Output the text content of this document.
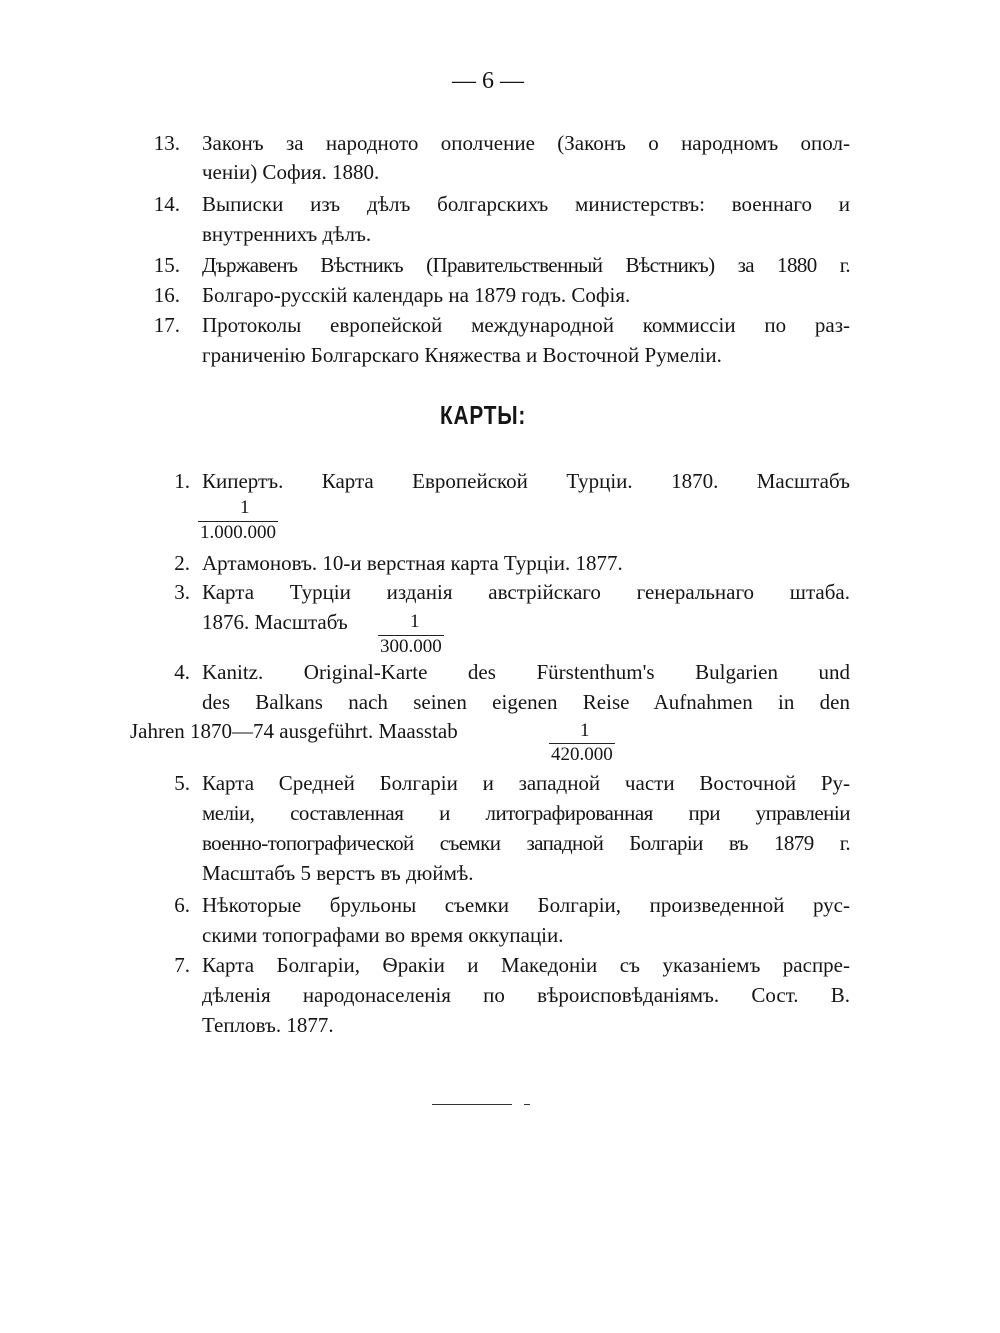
— 6 —
13. Законъ за народното ополчение (Законъ о народномъ опол-
ченіи) София. 1880.
14. Выписки изъ дѣлъ болгарскихъ министерствъ: военнаго и
внутреннихъ дѣлъ.
15. Държавенъ Вѣстникъ (Правительственный Вѣстникъ) за 1880 г.
16. Болгаро-русскій календарь на 1879 годъ. Софія.
17. Протоколы европейской международной коммиссіи по раз-
граниченію Болгарскаго Княжества и Восточной Румеліи.
КАРТЫ:
1. Кипертъ. Карта Европейской Турціи. 1870. Масштабъ
1
1.000.000
2. Артамоновъ. 10-и верстная карта Турціи. 1877.
3. Карта Турціи изданія австрійскаго генеральнаго штаба.
1876. Масштабъ	1
300.000
4. Kanitz. Original-Karte des Fürstenthum's Bulgarien und
des Balkans nach seinen eigenen Reise Aufnahmen in den
Jahren 1870—74 ausgeführt. Maasstab	1
420.000
5. Карта Средней Болгаріи и западной части Восточной Ру-
меліи, составленная и литографированная при управленіи
военно-топографической съемки западной Болгаріи въ 1879 г.
Масштабъ 5 верстъ въ дюймѣ.
6. Нѣкоторые брульоны съемки Болгаріи, произведенной рус-
скими топографами во время оккупаціи.
7. Карта Болгаріи, Ѳракіи и Македоніи съ указаніемъ распре-
дѣленія народонаселенія по вѣроисповѣданіямъ. Сост. В.
Тепловъ. 1877.
